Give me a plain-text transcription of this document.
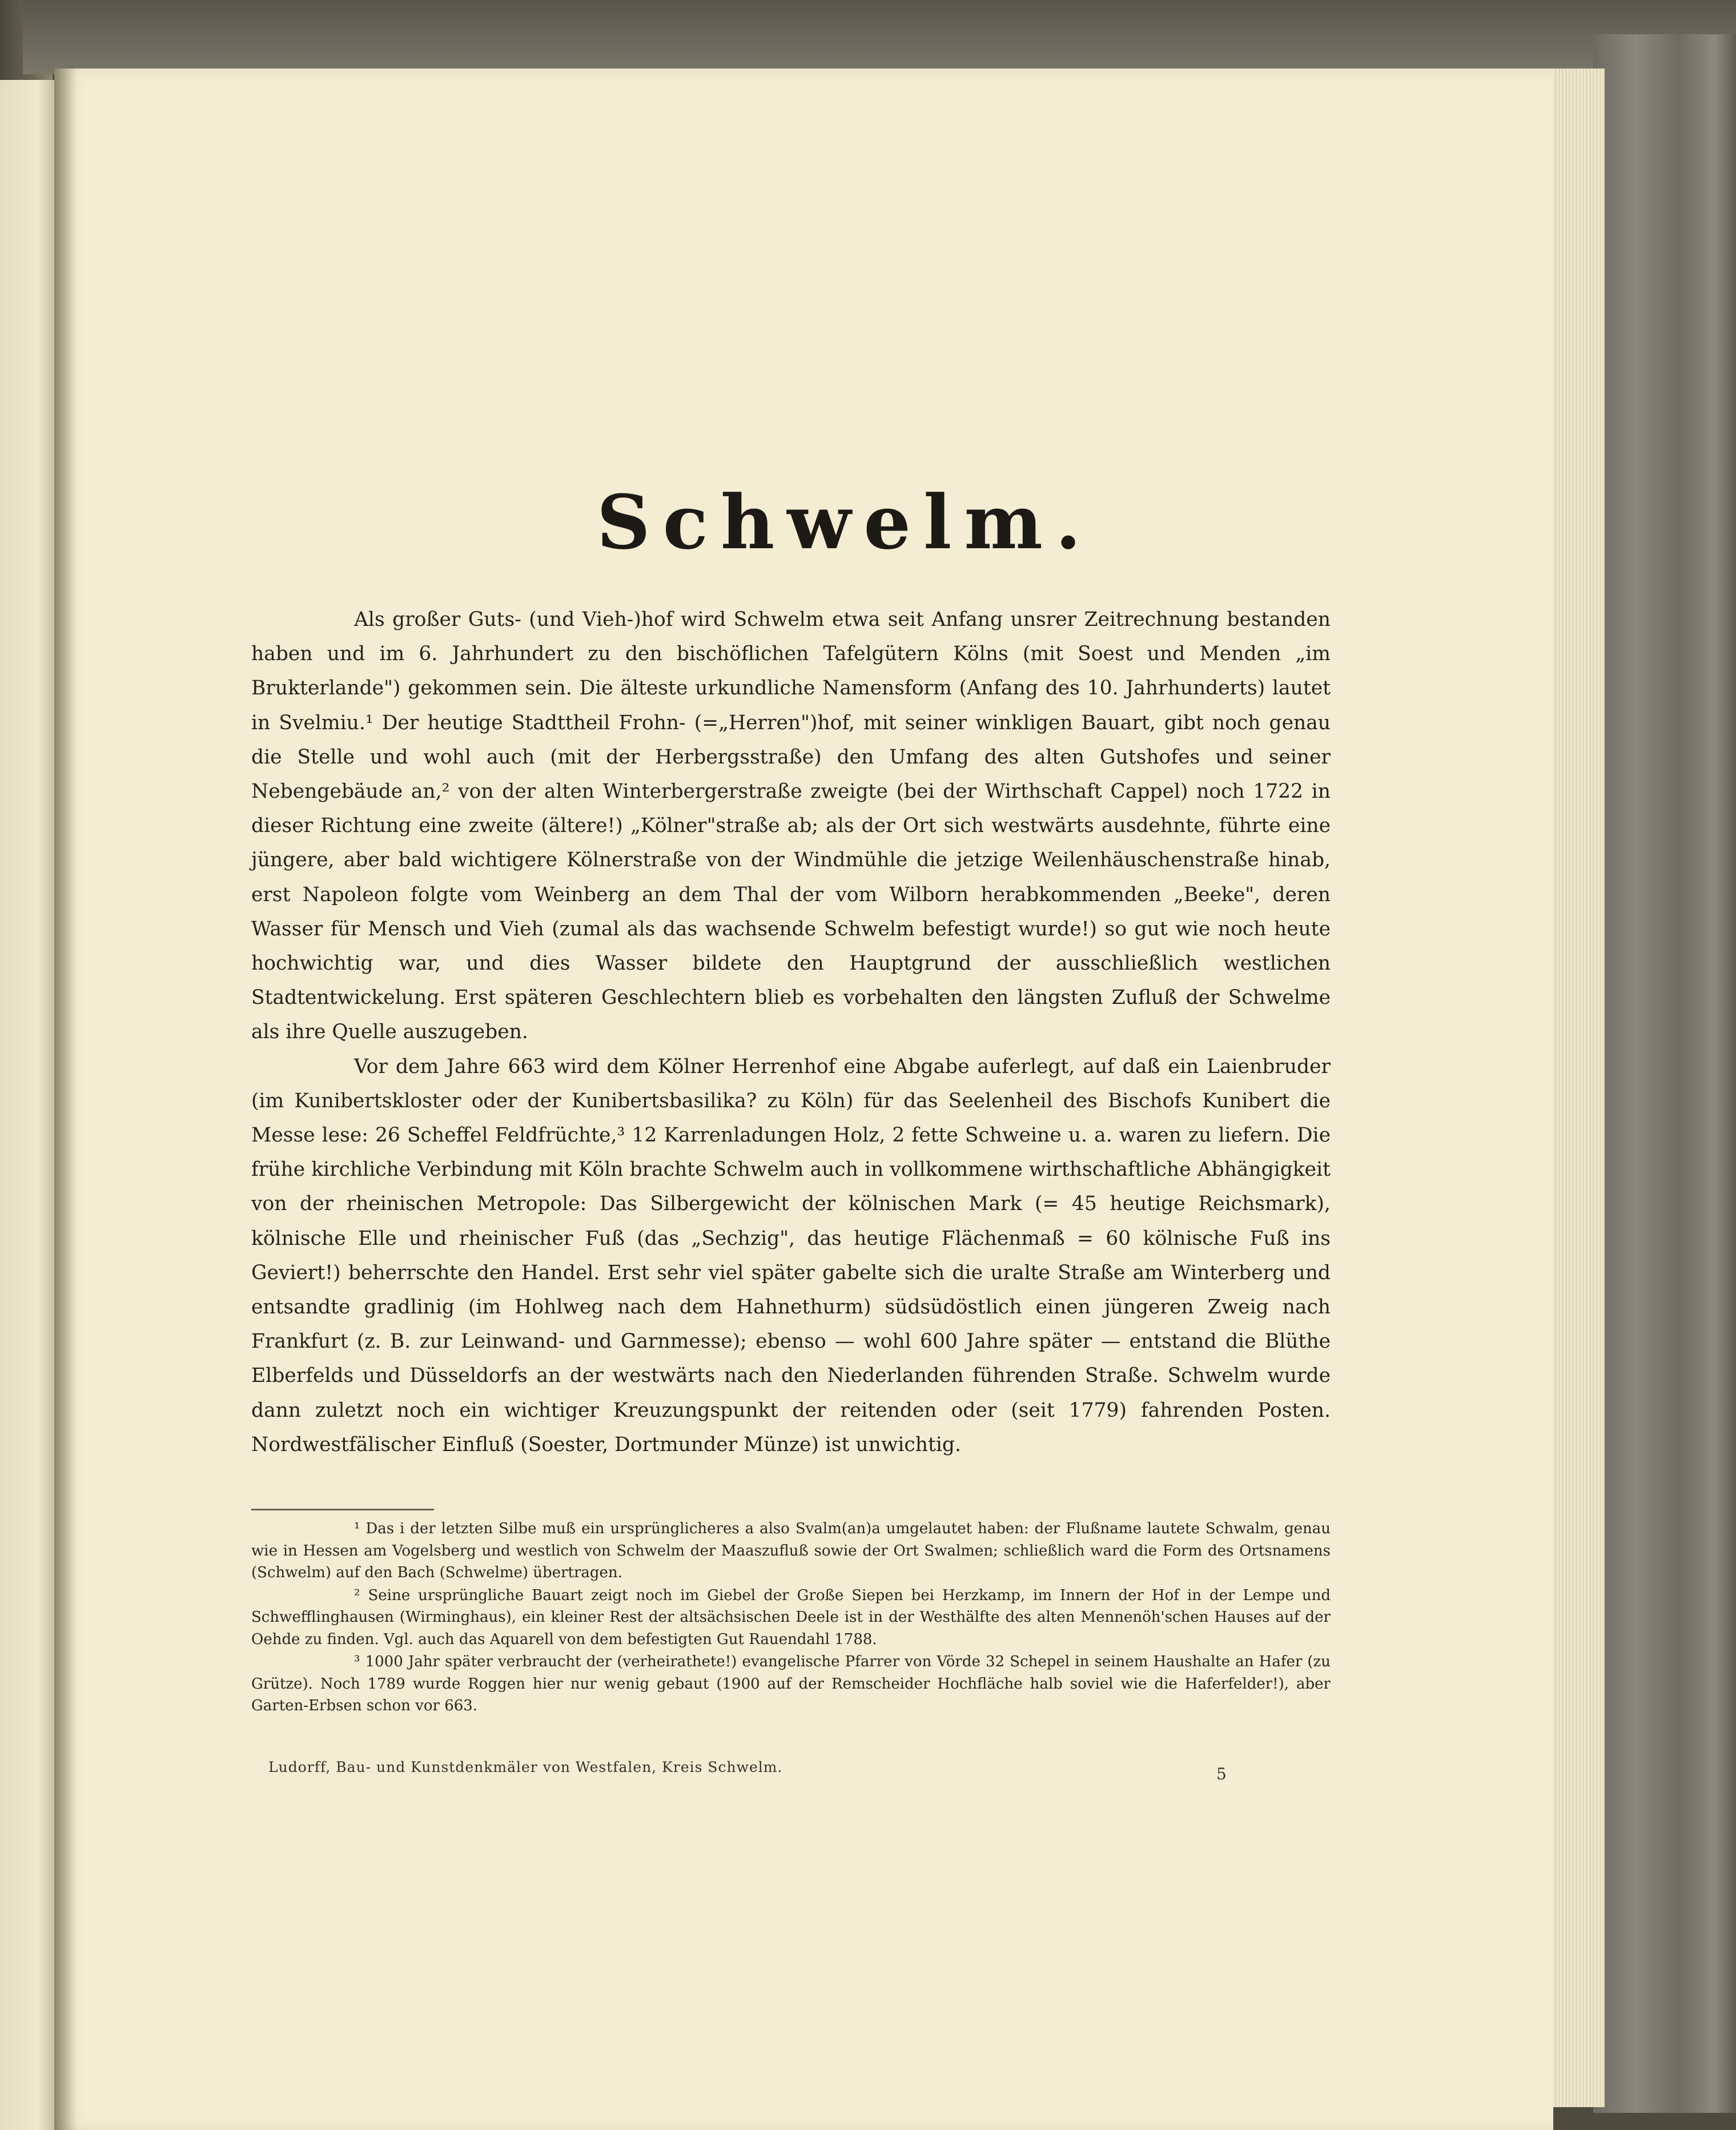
Schwelm.

Als großer Guts- (und Vieh-)hof wird Schwelm etwa seit Anfang unsrer Zeitrechnung bestanden haben und im 6. Jahrhundert zu den bischöflichen Tafelgütern Kölns (mit Soest und Menden „im Brukterlande") gekommen sein. Die älteste urkundliche Namensform (Anfang des 10. Jahrhunderts) lautet in Svelmiu.¹ Der heutige Stadttheil Frohn- (=„Herren")hof, mit seiner winkligen Bauart, gibt noch genau die Stelle und wohl auch (mit der Herbergsstraße) den Umfang des alten Gutshofes und seiner Nebengebäude an,² von der alten Winterbergerstraße zweigte (bei der Wirthschaft Cappel) noch 1722 in dieser Richtung eine zweite (ältere!) „Kölner"straße ab; als der Ort sich westwärts ausdehnte, führte eine jüngere, aber bald wichtigere Kölnerstraße von der Windmühle die jetzige Weilenhäuschenstraße hinab, erst Napoleon folgte vom Weinberg an dem Thal der vom Wilborn herabkommenden „Beeke", deren Wasser für Mensch und Vieh (zumal als das wachsende Schwelm befestigt wurde!) so gut wie noch heute hochwichtig war, und dies Wasser bildete den Hauptgrund der ausschließlich westlichen Stadtentwickelung. Erst späteren Geschlechtern blieb es vorbehalten den längsten Zufluß der Schwelme als ihre Quelle auszugeben.

Vor dem Jahre 663 wird dem Kölner Herrenhof eine Abgabe auferlegt, auf daß ein Laienbruder (im Kunibertskloster oder der Kunibertsbasilika? zu Köln) für das Seelenheil des Bischofs Kunibert die Messe lese: 26 Scheffel Feldfrüchte,³ 12 Karrenladungen Holz, 2 fette Schweine u. a. waren zu liefern. Die frühe kirchliche Verbindung mit Köln brachte Schwelm auch in vollkommene wirthschaftliche Abhängigkeit von der rheinischen Metropole: Das Silbergewicht der kölnischen Mark (= 45 heutige Reichsmark), kölnische Elle und rheinischer Fuß (das „Sechzig", das heutige Flächenmaß = 60 kölnische Fuß ins Geviert!) beherrschte den Handel. Erst sehr viel später gabelte sich die uralte Straße am Winterberg und entsandte gradlinig (im Hohlweg nach dem Hahnethurm) südsüdöstlich einen jüngeren Zweig nach Frankfurt (z. B. zur Leinwand- und Garnmesse); ebenso — wohl 600 Jahre später — entstand die Blüthe Elberfelds und Düsseldorfs an der westwärts nach den Niederlanden führenden Straße. Schwelm wurde dann zuletzt noch ein wichtiger Kreuzungspunkt der reitenden oder (seit 1779) fahrenden Posten. Nordwestfälischer Einfluß (Soester, Dortmunder Münze) ist unwichtig.

¹ Das i der letzten Silbe muß ein ursprünglicheres a also Svalm(an)a umgelautet haben: der Flußname lautete Schwalm, genau wie in Hessen am Vogelsberg und westlich von Schwelm der Maaszufluß sowie der Ort Swalmen; schließlich ward die Form des Ortsnamens (Schwelm) auf den Bach (Schwelme) übertragen.

² Seine ursprüngliche Bauart zeigt noch im Giebel der Große Siepen bei Herzkamp, im Innern der Hof in der Lempe und Schwefflinghausen (Wirminghaus), ein kleiner Rest der altsächsischen Deele ist in der Westhälfte des alten Mennenöh'schen Hauses auf der Oehde zu finden. Vgl. auch das Aquarell von dem befestigten Gut Rauendahl 1788.

³ 1000 Jahr später verbraucht der (verheirathete!) evangelische Pfarrer von Vörde 32 Schepel in seinem Haushalte an Hafer (zu Grütze). Noch 1789 wurde Roggen hier nur wenig gebaut (1900 auf der Remscheider Hochfläche halb soviel wie die Haferfelder!), aber Garten-Erbsen schon vor 663.

Ludorff, Bau- und Kunstdenkmäler von Westfalen, Kreis Schwelm.	5
